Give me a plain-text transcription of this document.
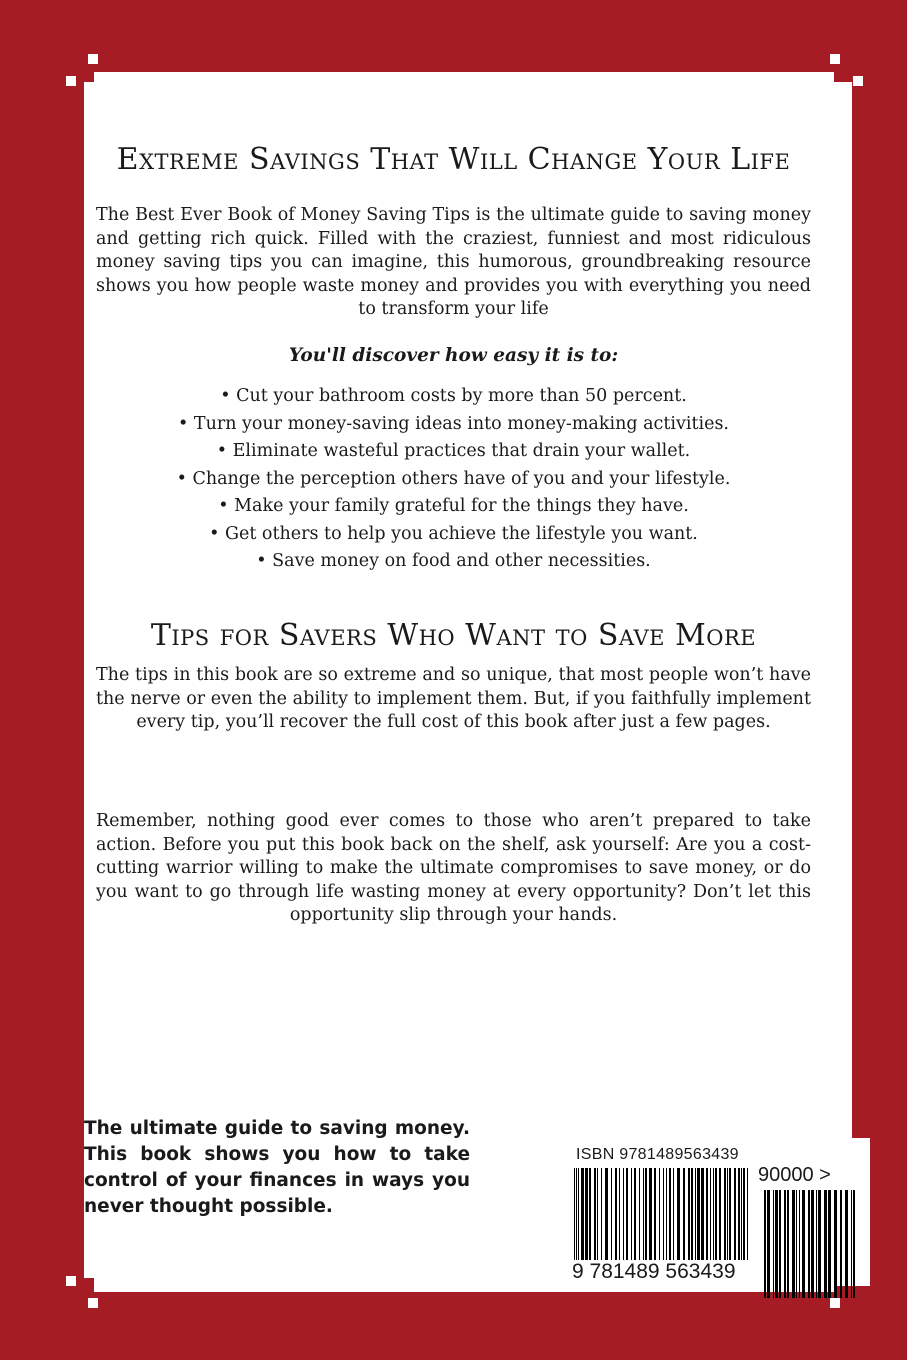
Extreme Savings That Will Change Your Life

The Best Ever Book of Money Saving Tips is the ultimate guide to saving money and getting rich quick. Filled with the craziest, funniest and most ridiculous money saving tips you can imagine, this humorous, groundbreaking resource shows you how people waste money and provides you with everything you need to transform your life

You'll discover how easy it is to:

• Cut your bathroom costs by more than 50 percent.
• Turn your money-saving ideas into money-making activities.
• Eliminate wasteful practices that drain your wallet.
• Change the perception others have of you and your lifestyle.
• Make your family grateful for the things they have.
• Get others to help you achieve the lifestyle you want.
• Save money on food and other necessities.
Tips for Savers Who Want to Save More

The tips in this book are so extreme and so unique, that most people won’t have the nerve or even the ability to implement them. But, if you faithfully implement every tip, you’ll recover the full cost of this book after just a few pages.

Remember, nothing good ever comes to those who aren’t prepared to take action. Before you put this book back on the shelf, ask yourself: Are you a cost-cutting warrior willing to make the ultimate compromises to save money, or do you want to go through life wasting money at every opportunity? Don’t let this opportunity slip through your hands.

The ultimate guide to saving money. This book shows you how to take control of your finances in ways you never thought possible.

ISBN 9781489563439

90000 >

9 781489 563439
